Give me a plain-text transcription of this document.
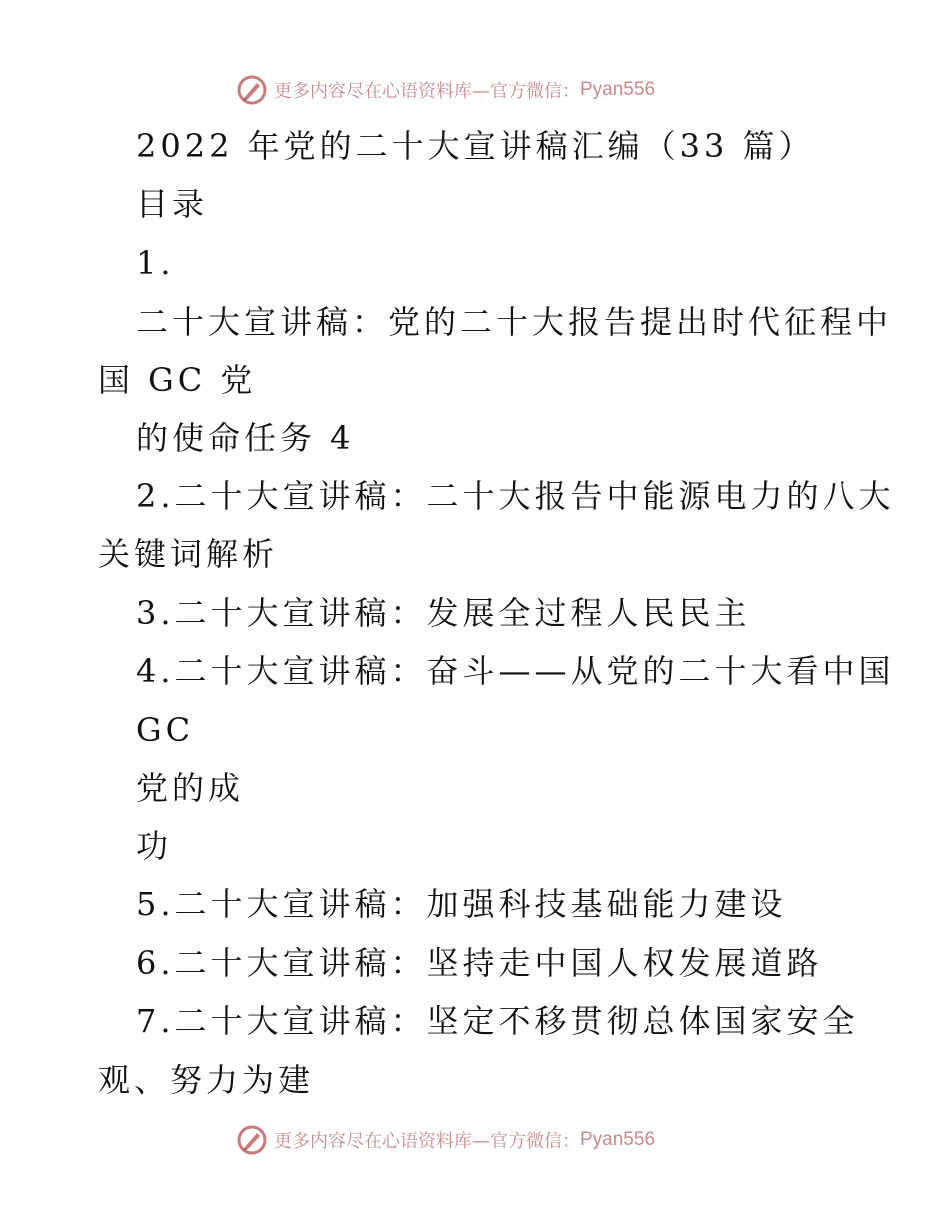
更多内容尽在心语资料库—官方微信： Pyan556
2022 年党的二十大宣讲稿汇编（33 篇）
目录
1.
二十大宣讲稿：党的二十大报告提出时代征程中
国 GC 党
的使命任务 4
2.二十大宣讲稿：二十大报告中能源电力的八大
关键词解析
3.二十大宣讲稿：发展全过程人民民主
4.二十大宣讲稿：奋斗——从党的二十大看中国
GC
党的成
功
5.二十大宣讲稿：加强科技基础能力建设
6.二十大宣讲稿：坚持走中国人权发展道路
7.二十大宣讲稿：坚定不移贯彻总体国家安全
观、努力为建
更多内容尽在心语资料库—官方微信： Pyan556
